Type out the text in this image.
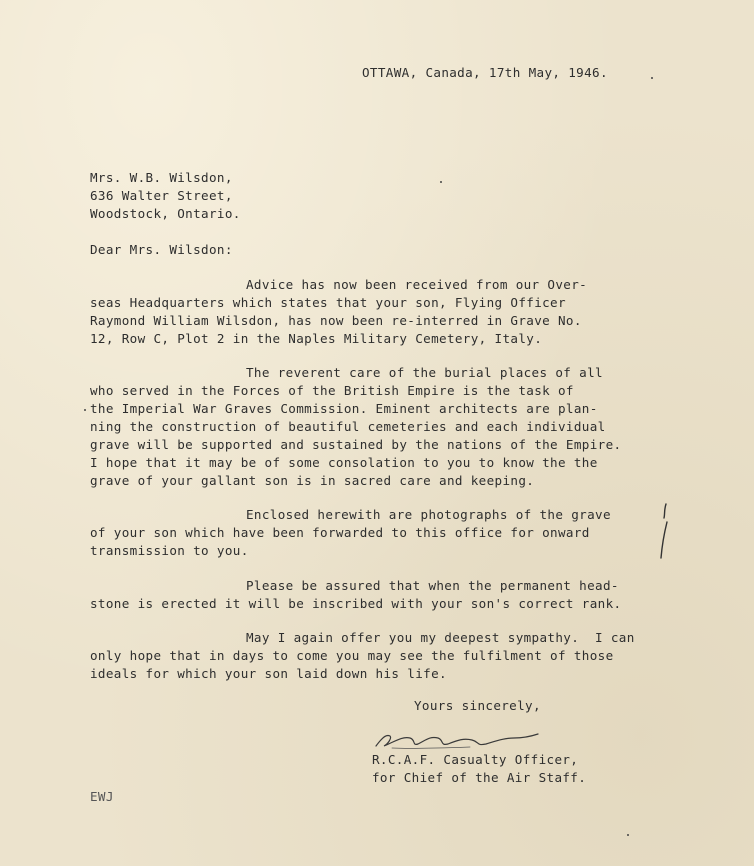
OTTAWA, Canada, 17th May, 1946.
Mrs. W.B. Wilsdon,
636 Walter Street,
Woodstock, Ontario.
Dear Mrs. Wilsdon:
Advice has now been received from our Over-
seas Headquarters which states that your son, Flying Officer
Raymond William Wilsdon, has now been re-interred in Grave No.
12, Row C, Plot 2 in the Naples Military Cemetery, Italy.
The reverent care of the burial places of all
who served in the Forces of the British Empire is the task of
the Imperial War Graves Commission. Eminent architects are plan-
ning the construction of beautiful cemeteries and each individual
grave will be supported and sustained by the nations of the Empire.
I hope that it may be of some consolation to you to know the the
grave of your gallant son is in sacred care and keeping.
Enclosed herewith are photographs of the grave
of your son which have been forwarded to this office for onward
transmission to you.
Please be assured that when the permanent head-
stone is erected it will be inscribed with your son's correct rank.
May I again offer you my deepest sympathy.  I can
only hope that in days to come you may see the fulfilment of those
ideals for which your son laid down his life.
Yours sincerely,
R.C.A.F. Casualty Officer,
for Chief of the Air Staff.
EWJ
